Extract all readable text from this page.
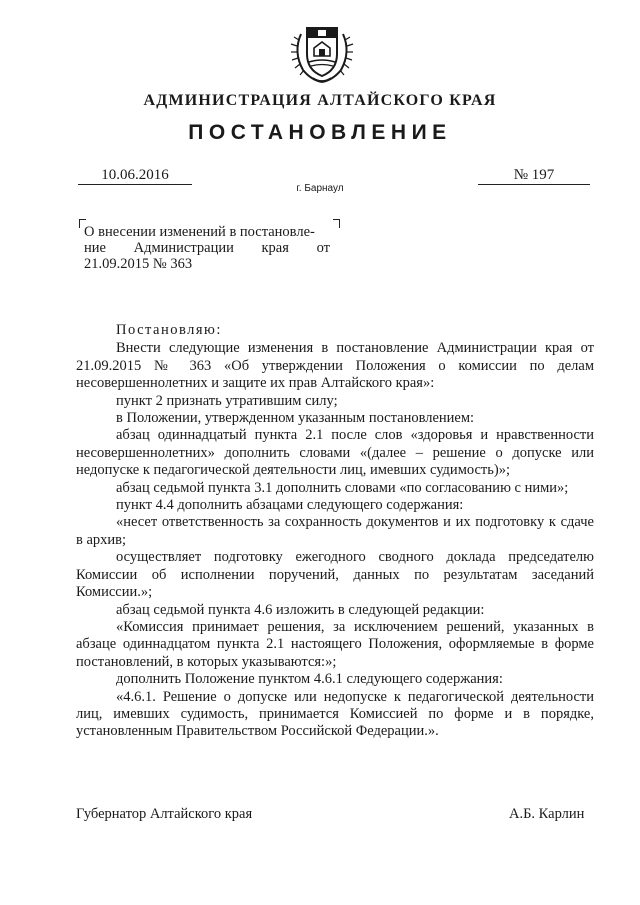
АДМИНИСТРАЦИЯ АЛТАЙСКОГО КРАЯ
ПОСТАНОВЛЕНИЕ
10.06.2016	№ 197
г. Барнаул
О внесении изменений в постановле-
ние Администрации края от
21.09.2015 № 363

Постановляю:

Внести следующие изменения в постановление Администрации края от 21.09.2015 № 363 «Об утверждении Положения о комиссии по делам несовершеннолетних и защите их прав Алтайского края»:

пункт 2 признать утратившим силу;

в Положении, утвержденном указанным постановлением:

абзац одиннадцатый пункта 2.1 после слов «здоровья и нравственности несовершеннолетних» дополнить словами «(далее – решение о допуске или недопуске к педагогической деятельности лиц, имевших судимость)»;

абзац седьмой пункта 3.1 дополнить словами «по согласованию с ними»;

пункт 4.4 дополнить абзацами следующего содержания:

«несет ответственность за сохранность документов и их подготовку к сдаче в архив;

осуществляет подготовку ежегодного сводного доклада председателю Комиссии об исполнении поручений, данных по результатам заседаний Комиссии.»;

абзац седьмой пункта 4.6 изложить в следующей редакции:

«Комиссия принимает решения, за исключением решений, указанных в абзаце одиннадцатом пункта 2.1 настоящего Положения, оформляемые в форме постановлений, в которых указываются:»;

дополнить Положение пунктом 4.6.1 следующего содержания:

«4.6.1. Решение о допуске или недопуске к педагогической деятельности лиц, имевших судимость, принимается Комиссией по форме и в порядке, установленным Правительством Российской Федерации.».

Губернатор Алтайского края	А.Б. Карлин
